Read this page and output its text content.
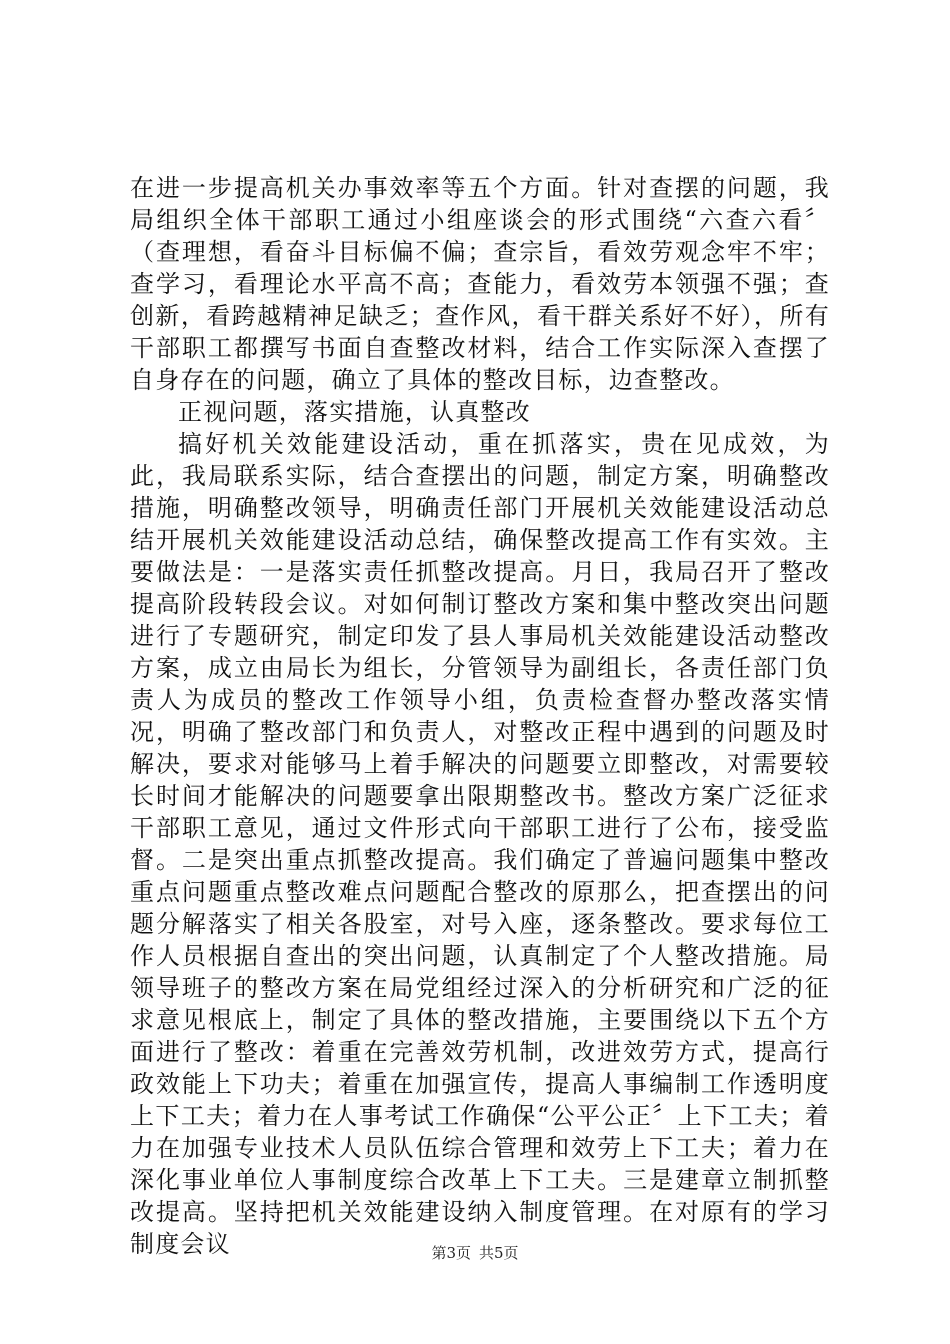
在进一步提高机关办事效率等五个方面。针对查摆的问题，我局组织全体干部职工通过小组座谈会的形式围绕“六查六看〞（查理想，看奋斗目标偏不偏；查宗旨，看效劳观念牢不牢；查学习，看理论水平高不高；查能力，看效劳本领强不强；查创新，看跨越精神足缺乏；查作风，看干群关系好不好），所有干部职工都撰写书面自查整改材料，结合工作实际深入查摆了自身存在的问题，确立了具体的整改目标，边查整改。

正视问题，落实措施，认真整改

搞好机关效能建设活动，重在抓落实，贵在见成效，为此，我局联系实际，结合查摆出的问题，制定方案，明确整改措施，明确整改领导，明确责任部门开展机关效能建设活动总结开展机关效能建设活动总结，确保整改提高工作有实效。主要做法是：一是落实责任抓整改提高。月日，我局召开了整改提高阶段转段会议。对如何制订整改方案和集中整改突出问题进行了专题研究，制定印发了县人事局机关效能建设活动整改方案，成立由局长为组长，分管领导为副组长，各责任部门负责人为成员的整改工作领导小组，负责检查督办整改落实情况，明确了整改部门和负责人，对整改正程中遇到的问题及时解决，要求对能够马上着手解决的问题要立即整改，对需要较长时间才能解决的问题要拿出限期整改书。整改方案广泛征求干部职工意见，通过文件形式向干部职工进行了公布，接受监督。二是突出重点抓整改提高。我们确定了普遍问题集中整改重点问题重点整改难点问题配合整改的原那么，把查摆出的问题分解落实了相关各股室，对号入座，逐条整改。要求每位工作人员根据自查出的突出问题，认真制定了个人整改措施。局领导班子的整改方案在局党组经过深入的分析研究和广泛的征求意见根底上，制定了具体的整改措施，主要围绕以下五个方面进行了整改：着重在完善效劳机制，改进效劳方式，提高行政效能上下功夫；着重在加强宣传，提高人事编制工作透明度上下工夫；着力在人事考试工作确保“公平公正〞上下工夫；着力在加强专业技术人员队伍综合管理和效劳上下工夫；着力在深化事业单位人事制度综合改革上下工夫。三是建章立制抓整改提高。坚持把机关效能建设纳入制度管理。在对原有的学习制度会议	第3页 共5页
